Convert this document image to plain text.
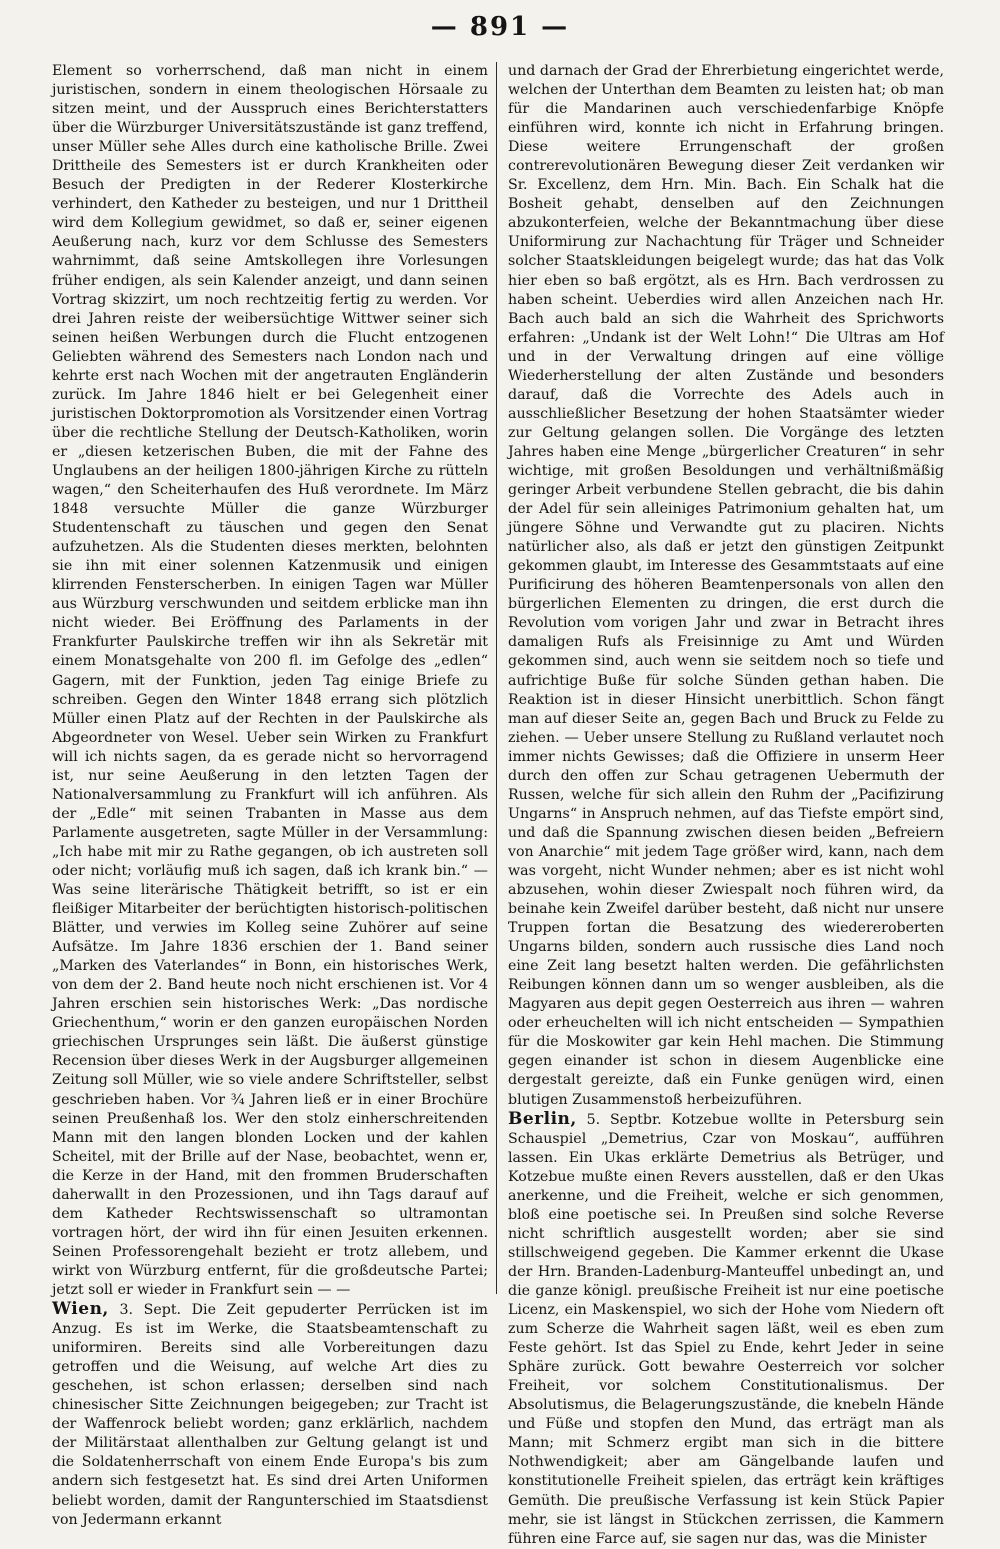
— 891 —

Element so vorherrschend, daß man nicht in einem juristischen, sondern in einem theologischen Hörsaale zu sitzen meint, und der Ausspruch eines Berichterstatters über die Würzburger Universitätszustände ist ganz treffend, unser Müller sehe Alles durch eine katholische Brille. Zwei Drittheile des Semesters ist er durch Krankheiten oder Besuch der Predigten in der Rederer Klosterkirche verhindert, den Katheder zu besteigen, und nur 1 Drittheil wird dem Kollegium gewidmet, so daß er, seiner eigenen Aeußerung nach, kurz vor dem Schlusse des Semesters wahrnimmt, daß seine Amtskollegen ihre Vorlesungen früher endigen, als sein Kalender anzeigt, und dann seinen Vortrag skizzirt, um noch rechtzeitig fertig zu werden. Vor drei Jahren reiste der weibersüchtige Wittwer seiner sich seinen heißen Werbungen durch die Flucht entzogenen Geliebten während des Semesters nach London nach und kehrte erst nach Wochen mit der angetrauten Engländerin zurück. Im Jahre 1846 hielt er bei Gelegenheit einer juristischen Doktorpromotion als Vorsitzender einen Vortrag über die rechtliche Stellung der Deutsch-Katholiken, worin er „diesen ketzerischen Buben, die mit der Fahne des Unglaubens an der heiligen 1800-jährigen Kirche zu rütteln wagen,“ den Scheiterhaufen des Huß verordnete. Im März 1848 versuchte Müller die ganze Würzburger Studentenschaft zu täuschen und gegen den Senat aufzuhetzen. Als die Studenten dieses merkten, belohnten sie ihn mit einer solennen Katzenmusik und einigen klirrenden Fensterscherben. In einigen Tagen war Müller aus Würzburg verschwunden und seitdem erblicke man ihn nicht wieder. Bei Eröffnung des Parlaments in der Frankfurter Paulskirche treffen wir ihn als Sekretär mit einem Monatsgehalte von 200 fl. im Gefolge des „edlen“ Gagern, mit der Funktion, jeden Tag einige Briefe zu schreiben. Gegen den Winter 1848 errang sich plötzlich Müller einen Platz auf der Rechten in der Paulskirche als Abgeordneter von Wesel. Ueber sein Wirken zu Frankfurt will ich nichts sagen, da es gerade nicht so hervorragend ist, nur seine Aeußerung in den letzten Tagen der Nationalversammlung zu Frankfurt will ich anführen. Als der „Edle“ mit seinen Trabanten in Masse aus dem Parlamente ausgetreten, sagte Müller in der Versammlung: „Ich habe mit mir zu Rathe gegangen, ob ich austreten soll oder nicht; vorläufig muß ich sagen, daß ich krank bin.“ — Was seine literärische Thätigkeit betrifft, so ist er ein fleißiger Mitarbeiter der berüchtigten historisch-politischen Blätter, und verwies im Kolleg seine Zuhörer auf seine Aufsätze. Im Jahre 1836 erschien der 1. Band seiner „Marken des Vaterlandes“ in Bonn, ein historisches Werk, von dem der 2. Band heute noch nicht erschienen ist. Vor 4 Jahren erschien sein historisches Werk: „Das nordische Griechenthum,“ worin er den ganzen europäischen Norden griechischen Ursprunges sein läßt. Die äußerst günstige Recension über dieses Werk in der Augsburger allgemeinen Zeitung soll Müller, wie so viele andere Schriftsteller, selbst geschrieben haben. Vor ¾ Jahren ließ er in einer Brochüre seinen Preußenhaß los. Wer den stolz einherschreitenden Mann mit den langen blonden Locken und der kahlen Scheitel, mit der Brille auf der Nase, beobachtet, wenn er, die Kerze in der Hand, mit den frommen Bruderschaften daherwallt in den Prozessionen, und ihn Tags darauf auf dem Katheder Rechtswissenschaft so ultramontan vortragen hört, der wird ihn für einen Jesuiten erkennen. Seinen Professorengehalt bezieht er trotz allebem, und wirkt von Würzburg entfernt, für die großdeutsche Partei; jetzt soll er wieder in Frankfurt sein — —

Wien, 3. Sept. Die Zeit gepuderter Perrücken ist im Anzug. Es ist im Werke, die Staatsbeamtenschaft zu uniformiren. Bereits sind alle Vorbereitungen dazu getroffen und die Weisung, auf welche Art dies zu geschehen, ist schon erlassen; derselben sind nach chinesischer Sitte Zeichnungen beigegeben; zur Tracht ist der Waffenrock beliebt worden; ganz erklärlich, nachdem der Militärstaat allenthalben zur Geltung gelangt ist und die Soldatenherrschaft von einem Ende Europa's bis zum andern sich festgesetzt hat. Es sind drei Arten Uniformen beliebt worden, damit der Rangunterschied im Staatsdienst von Jedermann erkannt

und darnach der Grad der Ehrerbietung eingerichtet werde, welchen der Unterthan dem Beamten zu leisten hat; ob man für die Mandarinen auch verschiedenfarbige Knöpfe einführen wird, konnte ich nicht in Erfahrung bringen. Diese weitere Errungenschaft der großen contrerevolutionären Bewegung dieser Zeit verdanken wir Sr. Excellenz, dem Hrn. Min. Bach. Ein Schalk hat die Bosheit gehabt, denselben auf den Zeichnungen abzukonterfeien, welche der Bekanntmachung über diese Uniformirung zur Nachachtung für Träger und Schneider solcher Staatskleidungen beigelegt wurde; das hat das Volk hier eben so baß ergötzt, als es Hrn. Bach verdrossen zu haben scheint. Ueberdies wird allen Anzeichen nach Hr. Bach auch bald an sich die Wahrheit des Sprichworts erfahren: „Undank ist der Welt Lohn!“ Die Ultras am Hof und in der Verwaltung dringen auf eine völlige Wiederherstellung der alten Zustände und besonders darauf, daß die Vorrechte des Adels auch in ausschließlicher Besetzung der hohen Staatsämter wieder zur Geltung gelangen sollen. Die Vorgänge des letzten Jahres haben eine Menge „bürgerlicher Creaturen“ in sehr wichtige, mit großen Besoldungen und verhältnißmäßig geringer Arbeit verbundene Stellen gebracht, die bis dahin der Adel für sein alleiniges Patrimonium gehalten hat, um jüngere Söhne und Verwandte gut zu placiren. Nichts natürlicher also, als daß er jetzt den günstigen Zeitpunkt gekommen glaubt, im Interesse des Gesammtstaats auf eine Purificirung des höheren Beamtenpersonals von allen den bürgerlichen Elementen zu dringen, die erst durch die Revolution vom vorigen Jahr und zwar in Betracht ihres damaligen Rufs als Freisinnige zu Amt und Würden gekommen sind, auch wenn sie seitdem noch so tiefe und aufrichtige Buße für solche Sünden gethan haben. Die Reaktion ist in dieser Hinsicht unerbittlich. Schon fängt man auf dieser Seite an, gegen Bach und Bruck zu Felde zu ziehen. — Ueber unsere Stellung zu Rußland verlautet noch immer nichts Gewisses; daß die Offiziere in unserm Heer durch den offen zur Schau getragenen Uebermuth der Russen, welche für sich allein den Ruhm der „Pacifizirung Ungarns“ in Anspruch nehmen, auf das Tiefste empört sind, und daß die Spannung zwischen diesen beiden „Befreiern von Anarchie“ mit jedem Tage größer wird, kann, nach dem was vorgeht, nicht Wunder nehmen; aber es ist nicht wohl abzusehen, wohin dieser Zwiespalt noch führen wird, da beinahe kein Zweifel darüber besteht, daß nicht nur unsere Truppen fortan die Besatzung des wiedereroberten Ungarns bilden, sondern auch russische dies Land noch eine Zeit lang besetzt halten werden. Die gefährlichsten Reibungen können dann um so wenger ausbleiben, als die Magyaren aus depit gegen Oesterreich aus ihren — wahren oder erheuchelten will ich nicht entscheiden — Sympathien für die Moskowiter gar kein Hehl machen. Die Stimmung gegen einander ist schon in diesem Augenblicke eine dergestalt gereizte, daß ein Funke genügen wird, einen blutigen Zusammenstoß herbeizuführen.

Berlin, 5. Septbr. Kotzebue wollte in Petersburg sein Schauspiel „Demetrius, Czar von Moskau“, aufführen lassen. Ein Ukas erklärte Demetrius als Betrüger, und Kotzebue mußte einen Revers ausstellen, daß er den Ukas anerkenne, und die Freiheit, welche er sich genommen, bloß eine poetische sei. In Preußen sind solche Reverse nicht schriftlich ausgestellt worden; aber sie sind stillschweigend gegeben. Die Kammer erkennt die Ukase der Hrn. Branden-Ladenburg-Manteuffel unbedingt an, und die ganze königl. preußische Freiheit ist nur eine poetische Licenz, ein Maskenspiel, wo sich der Hohe vom Niedern oft zum Scherze die Wahrheit sagen läßt, weil es eben zum Feste gehört. Ist das Spiel zu Ende, kehrt Jeder in seine Sphäre zurück. Gott bewahre Oesterreich vor solcher Freiheit, vor solchem Constitutionalismus. Der Absolutismus, die Belagerungszustände, die knebeln Hände und Füße und stopfen den Mund, das erträgt man als Mann; mit Schmerz ergibt man sich in die bittere Nothwendigkeit; aber am Gängelbande laufen und konstitutionelle Freiheit spielen, das erträgt kein kräftiges Gemüth. Die preußische Verfassung ist kein Stück Papier mehr, sie ist längst in Stückchen zerrissen, die Kammern führen eine Farce auf, sie sagen nur das, was die Minister
